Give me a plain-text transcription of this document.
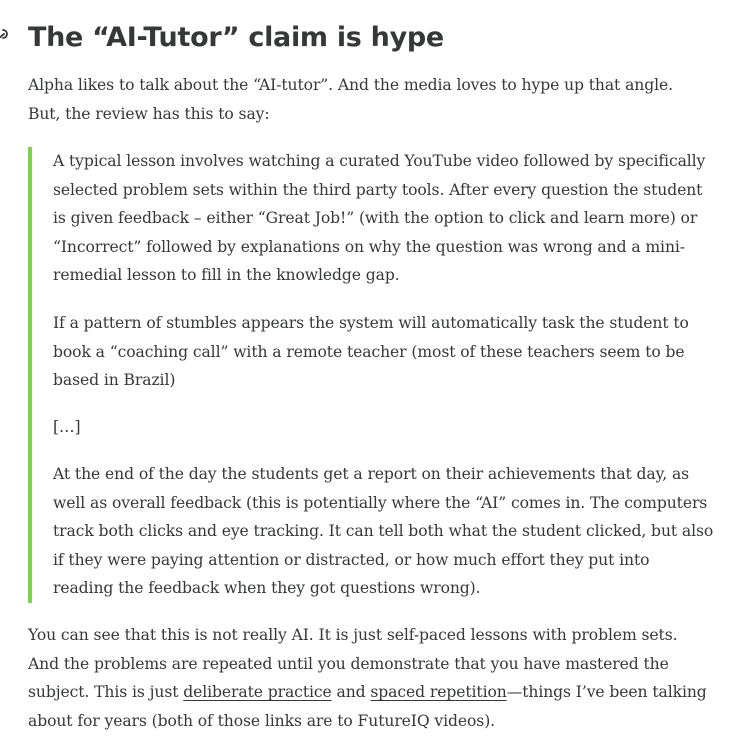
The “AI-Tutor” claim is hype

Alpha likes to talk about the “AI-tutor”. And the media loves to hype up that angle.
But, the review has this to say:

A typical lesson involves watching a curated YouTube video followed by specifically
selected problem sets within the third party tools. After every question the student
is given feedback – either “Great Job!” (with the option to click and learn more) or
“Incorrect” followed by explanations on why the question was wrong and a mini-
remedial lesson to fill in the knowledge gap.

If a pattern of stumbles appears the system will automatically task the student to
book a “coaching call” with a remote teacher (most of these teachers seem to be
based in Brazil)

[…]

At the end of the day the students get a report on their achievements that day, as
well as overall feedback (this is potentially where the “AI” comes in. The computers
track both clicks and eye tracking. It can tell both what the student clicked, but also
if they were paying attention or distracted, or how much effort they put into
reading the feedback when they got questions wrong).

You can see that this is not really AI. It is just self-paced lessons with problem sets.
And the problems are repeated until you demonstrate that you have mastered the
subject. This is just deliberate practice and spaced repetition—things I’ve been talking
about for years (both of those links are to FutureIQ videos).
